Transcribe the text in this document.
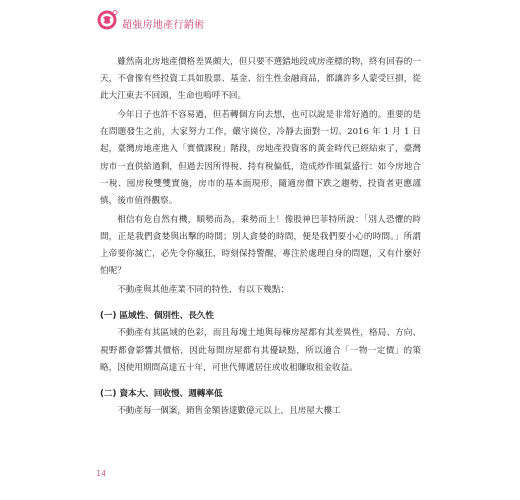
超強房地產行銷術

雖然南北房地產價格差異頗大，但只要不選錯地段或房產標的物，終有回春的一天，不會像有些投資工具如股票、基金、衍生性金融商品，都讓許多人蒙受巨損，從此大江東去不回頭，生命也嗚呼不回。

今年日子也許不容易過，但若轉個方向去想，也可以說是非常好過的。重要的是在問題發生之前，大家努力工作，嚴守崗位，冷靜去面對一切。2016 年 1 月 1 日起，臺灣房地產進入「實價課稅」階段，房地產投資客的黃金時代已經結束了，臺灣房市一直供給過剩，但過去因所得稅、持有稅偏低，造成炒作風氣盛行：如今房地合一稅、囤房稅雙雙實施，房市的基本面現形，隨適房價下跌之趨勢，投資者更應謹慎，後市值得觀察。

相信有危自然有機，順勢而為，乘勢而上！像股神巴菲特所說：「別人恐懼的時間，正是我們貪婪與出擊的時間；別人貪婪的時間，便是我們要小心的時間。」所謂上帝要你滅亡，必先令你瘋狂，時刻保持警醒，專注於處理自身的問題，又有什麼好怕呢？

不動產與其他產業不同的特性，有以下幾點：

(一) 區域性、個別性、長久性

不動產有其區域的色彩，而且每塊土地與每棟房屋都有其差異性，格局、方向、視野都會影響其價格，因此每間房屋都有其優缺點，所以適合「一物一定價」的策略，因使用期間高達五十年，可世代傳遞居住或收租賺取租金收益。

(二) 資本大、回收慢、週轉率低

不動產每一個案，銷售金額皆達數億元以上，且房屋大樓工

14
